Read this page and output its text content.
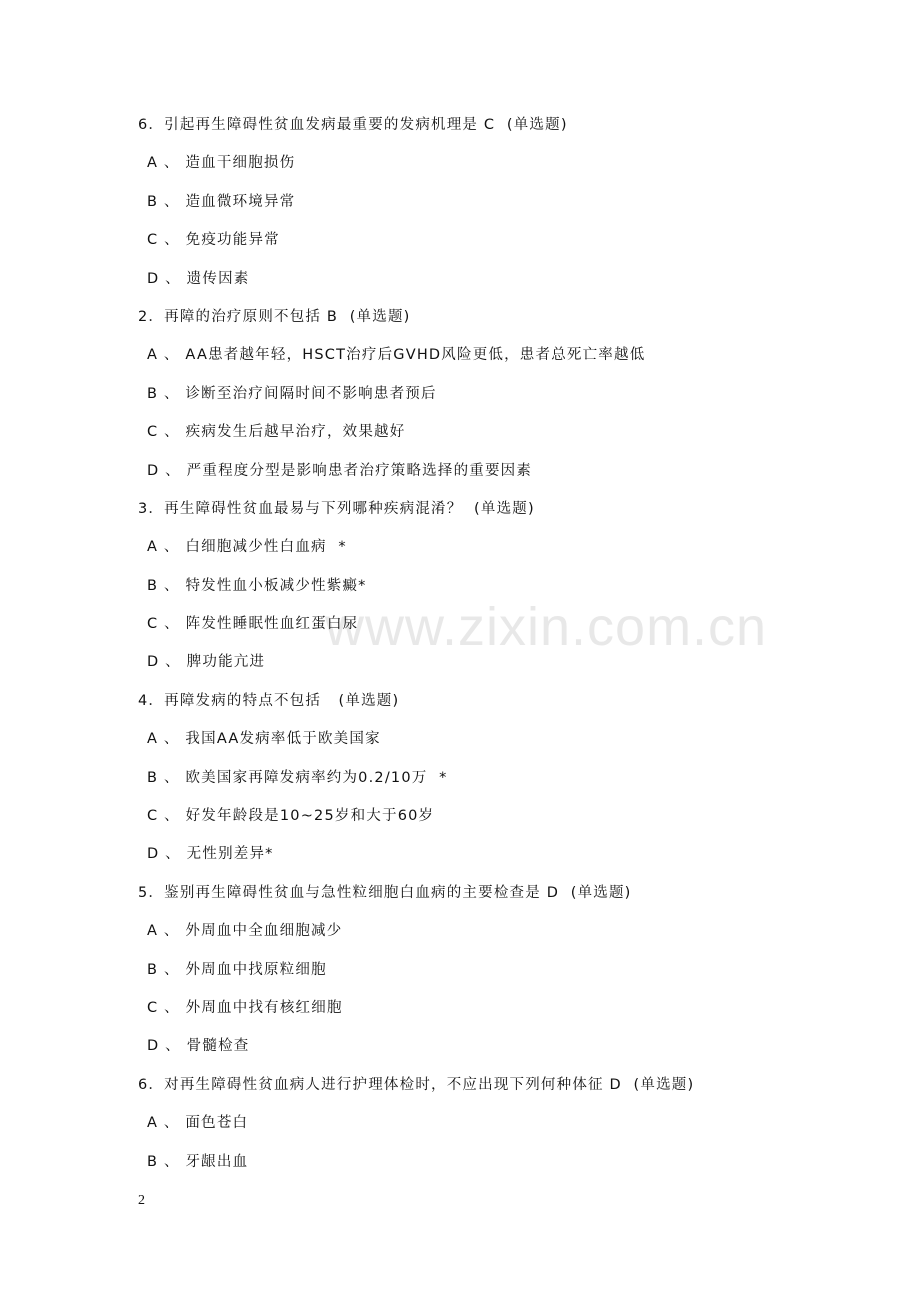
www.zixin.com.cn
6．引起再生障碍性贫血发病最重要的发病机理是 C  (单选题)
A 、 造血干细胞损伤
B 、 造血微环境异常
C 、 免疫功能异常
D 、 遗传因素
2．再障的治疗原则不包括 B  (单选题)
A 、 AA患者越年轻，HSCT治疗后GVHD风险更低，患者总死亡率越低
B 、 诊断至治疗间隔时间不影响患者预后
C 、 疾病发生后越早治疗，效果越好
D 、 严重程度分型是影响患者治疗策略选择的重要因素
3．再生障碍性贫血最易与下列哪种疾病混淆？  (单选题)
A 、 白细胞减少性白血病  *
B 、 特发性血小板减少性紫癜*
C 、 阵发性睡眠性血红蛋白尿
D 、 脾功能亢进
4．再障发病的特点不包括   (单选题)
A 、 我国AA发病率低于欧美国家
B 、 欧美国家再障发病率约为0.2/10万  *
C 、 好发年龄段是10~25岁和大于60岁
D 、 无性别差异*
5．鉴别再生障碍性贫血与急性粒细胞白血病的主要检查是 D  (单选题)
A 、 外周血中全血细胞减少
B 、 外周血中找原粒细胞
C 、 外周血中找有核红细胞
D 、 骨髓检查
6．对再生障碍性贫血病人进行护理体检时，不应出现下列何种体征 D  (单选题)
A 、 面色苍白
B 、 牙龈出血
2
